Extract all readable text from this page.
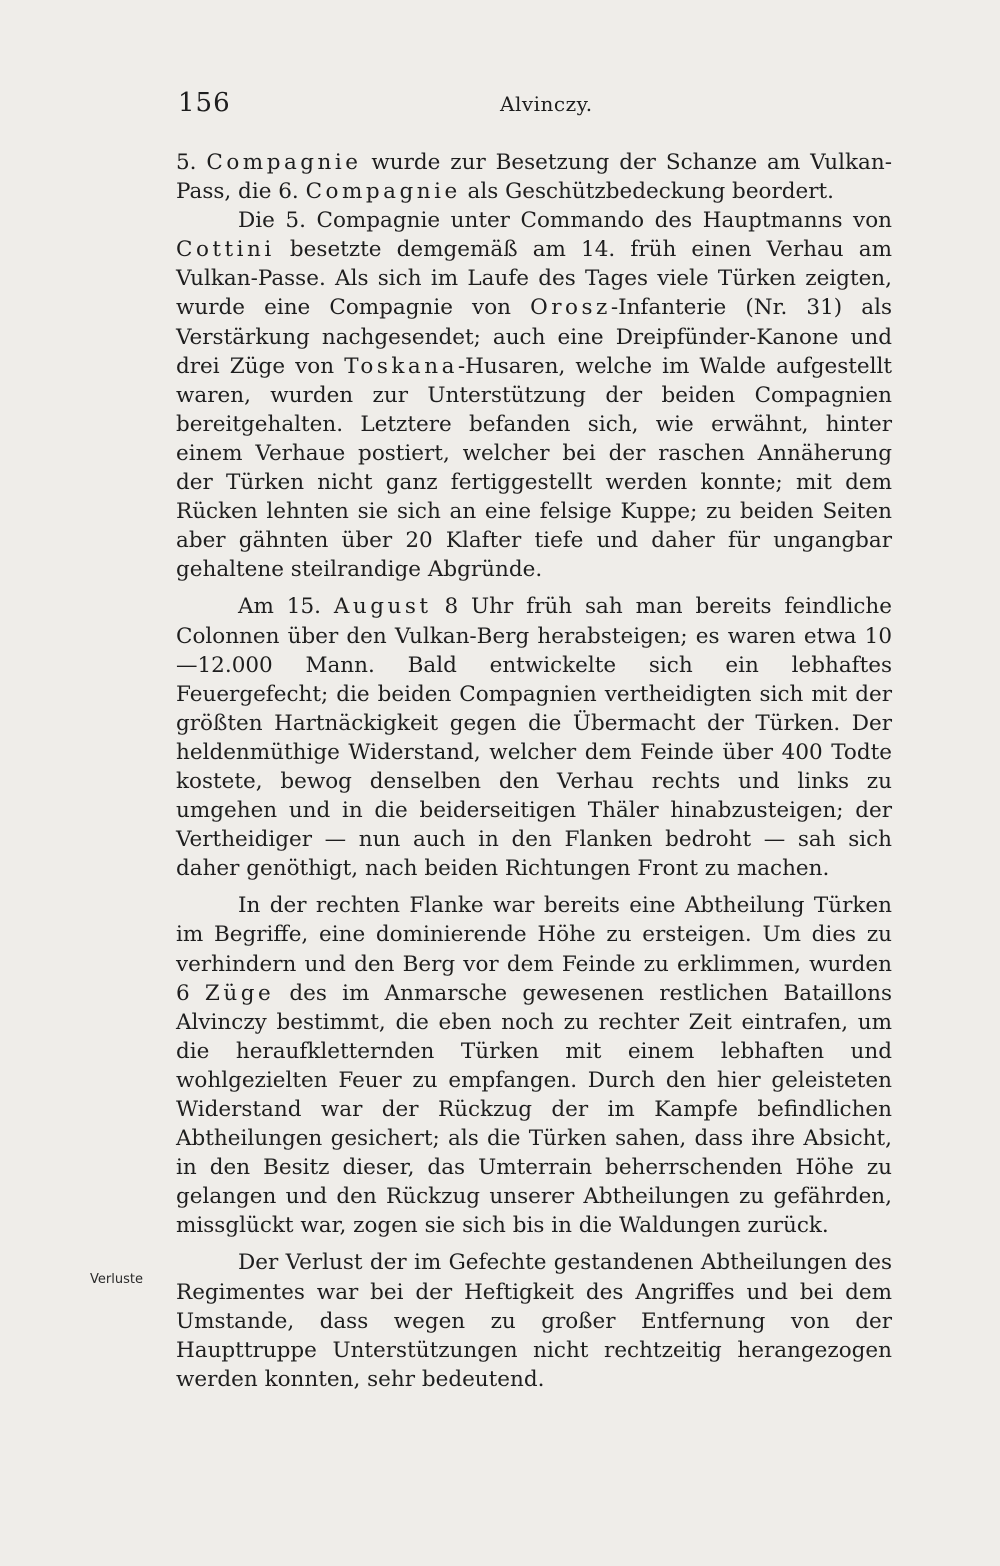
156	Alvinczy.

5. Compagnie wurde zur Besetzung der Schanze am Vulkan-Pass, die 6. Compagnie als Geschützbedeckung beordert.

Die 5. Compagnie unter Commando des Hauptmanns von Cottini besetzte demgemäß am 14. früh einen Verhau am Vulkan-Passe. Als sich im Laufe des Tages viele Türken zeigten, wurde eine Compagnie von Orosz-Infanterie (Nr. 31) als Verstärkung nachgesendet; auch eine Dreipfünder-Kanone und drei Züge von Toskana-Husaren, welche im Walde aufgestellt waren, wurden zur Unterstützung der beiden Compagnien bereitgehalten. Letztere befanden sich, wie erwähnt, hinter einem Verhaue postiert, welcher bei der raschen Annäherung der Türken nicht ganz fertiggestellt werden konnte; mit dem Rücken lehnten sie sich an eine felsige Kuppe; zu beiden Seiten aber gähnten über 20 Klafter tiefe und daher für ungangbar gehaltene steilrandige Abgründe.

Am 15. August 8 Uhr früh sah man bereits feindliche Colonnen über den Vulkan-Berg herabsteigen; es waren etwa 10—12.000 Mann. Bald entwickelte sich ein lebhaftes Feuergefecht; die beiden Compagnien vertheidigten sich mit der größten Hartnäckigkeit gegen die Übermacht der Türken. Der heldenmüthige Widerstand, welcher dem Feinde über 400 Todte kostete, bewog denselben den Verhau rechts und links zu umgehen und in die beiderseitigen Thäler hinabzusteigen; der Vertheidiger — nun auch in den Flanken bedroht — sah sich daher genöthigt, nach beiden Richtungen Front zu machen.

In der rechten Flanke war bereits eine Abtheilung Türken im Begriffe, eine dominierende Höhe zu ersteigen. Um dies zu verhindern und den Berg vor dem Feinde zu erklimmen, wurden 6 Züge des im Anmarsche gewesenen restlichen Bataillons Alvinczy bestimmt, die eben noch zu rechter Zeit eintrafen, um die heraufkletternden Türken mit einem lebhaften und wohlgezielten Feuer zu empfangen. Durch den hier geleisteten Widerstand war der Rückzug der im Kampfe befindlichen Abtheilungen gesichert; als die Türken sahen, dass ihre Absicht, in den Besitz dieser, das Umterrain beherrschenden Höhe zu gelangen und den Rückzug unserer Abtheilungen zu gefährden, missglückt war, zogen sie sich bis in die Waldungen zurück.

Der Verlust der im Gefechte gestandenen Abtheilungen des Regimentes war bei der Heftigkeit des Angriffes und bei dem Umstande, dass wegen zu großer Entfernung von der Haupttruppe Unterstützungen nicht rechtzeitig herangezogen werden konnten, sehr bedeutend.

Verluste
